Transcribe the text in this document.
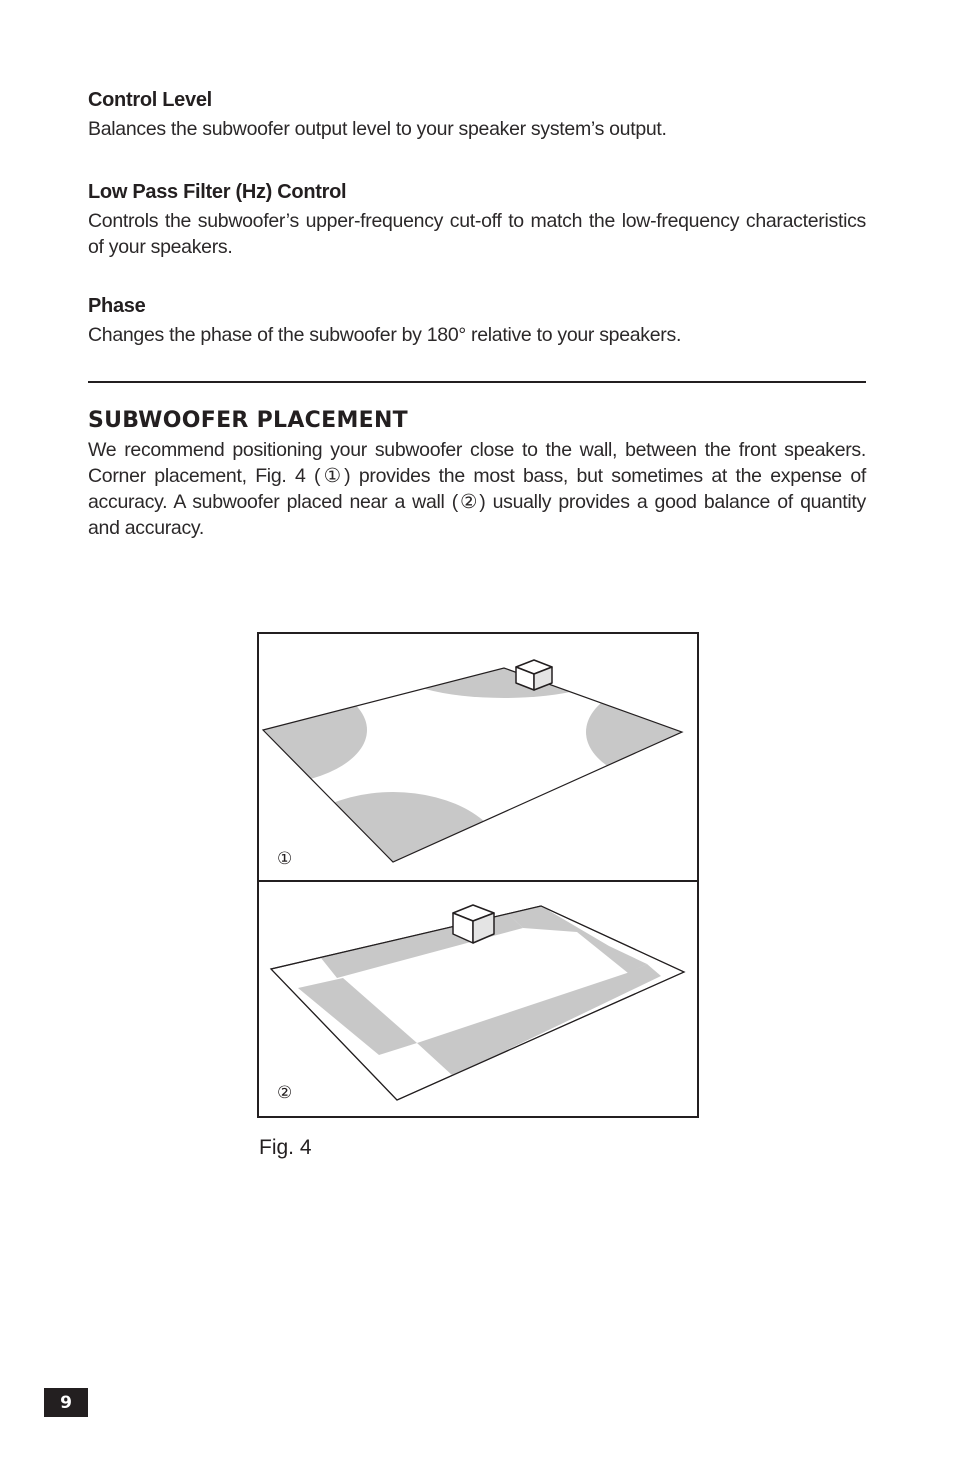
Control Level

Balances the subwoofer output level to your speaker system’s output.

Low Pass Filter (Hz) Control

Controls the subwoofer’s upper-frequency cut-off to match the low-frequency characteristics of your speakers.

Phase

Changes the phase of the subwoofer by 180° relative to your speakers.

SUBWOOFER PLACEMENT

We recommend positioning your subwoofer close to the wall, between the front speakers. Corner placement, Fig. 4 (①) provides the most bass, but sometimes at the expense of accuracy. A subwoofer placed near a wall (②) usually provides a good balance of quantity and accuracy.

①
②
Fig. 4
9
